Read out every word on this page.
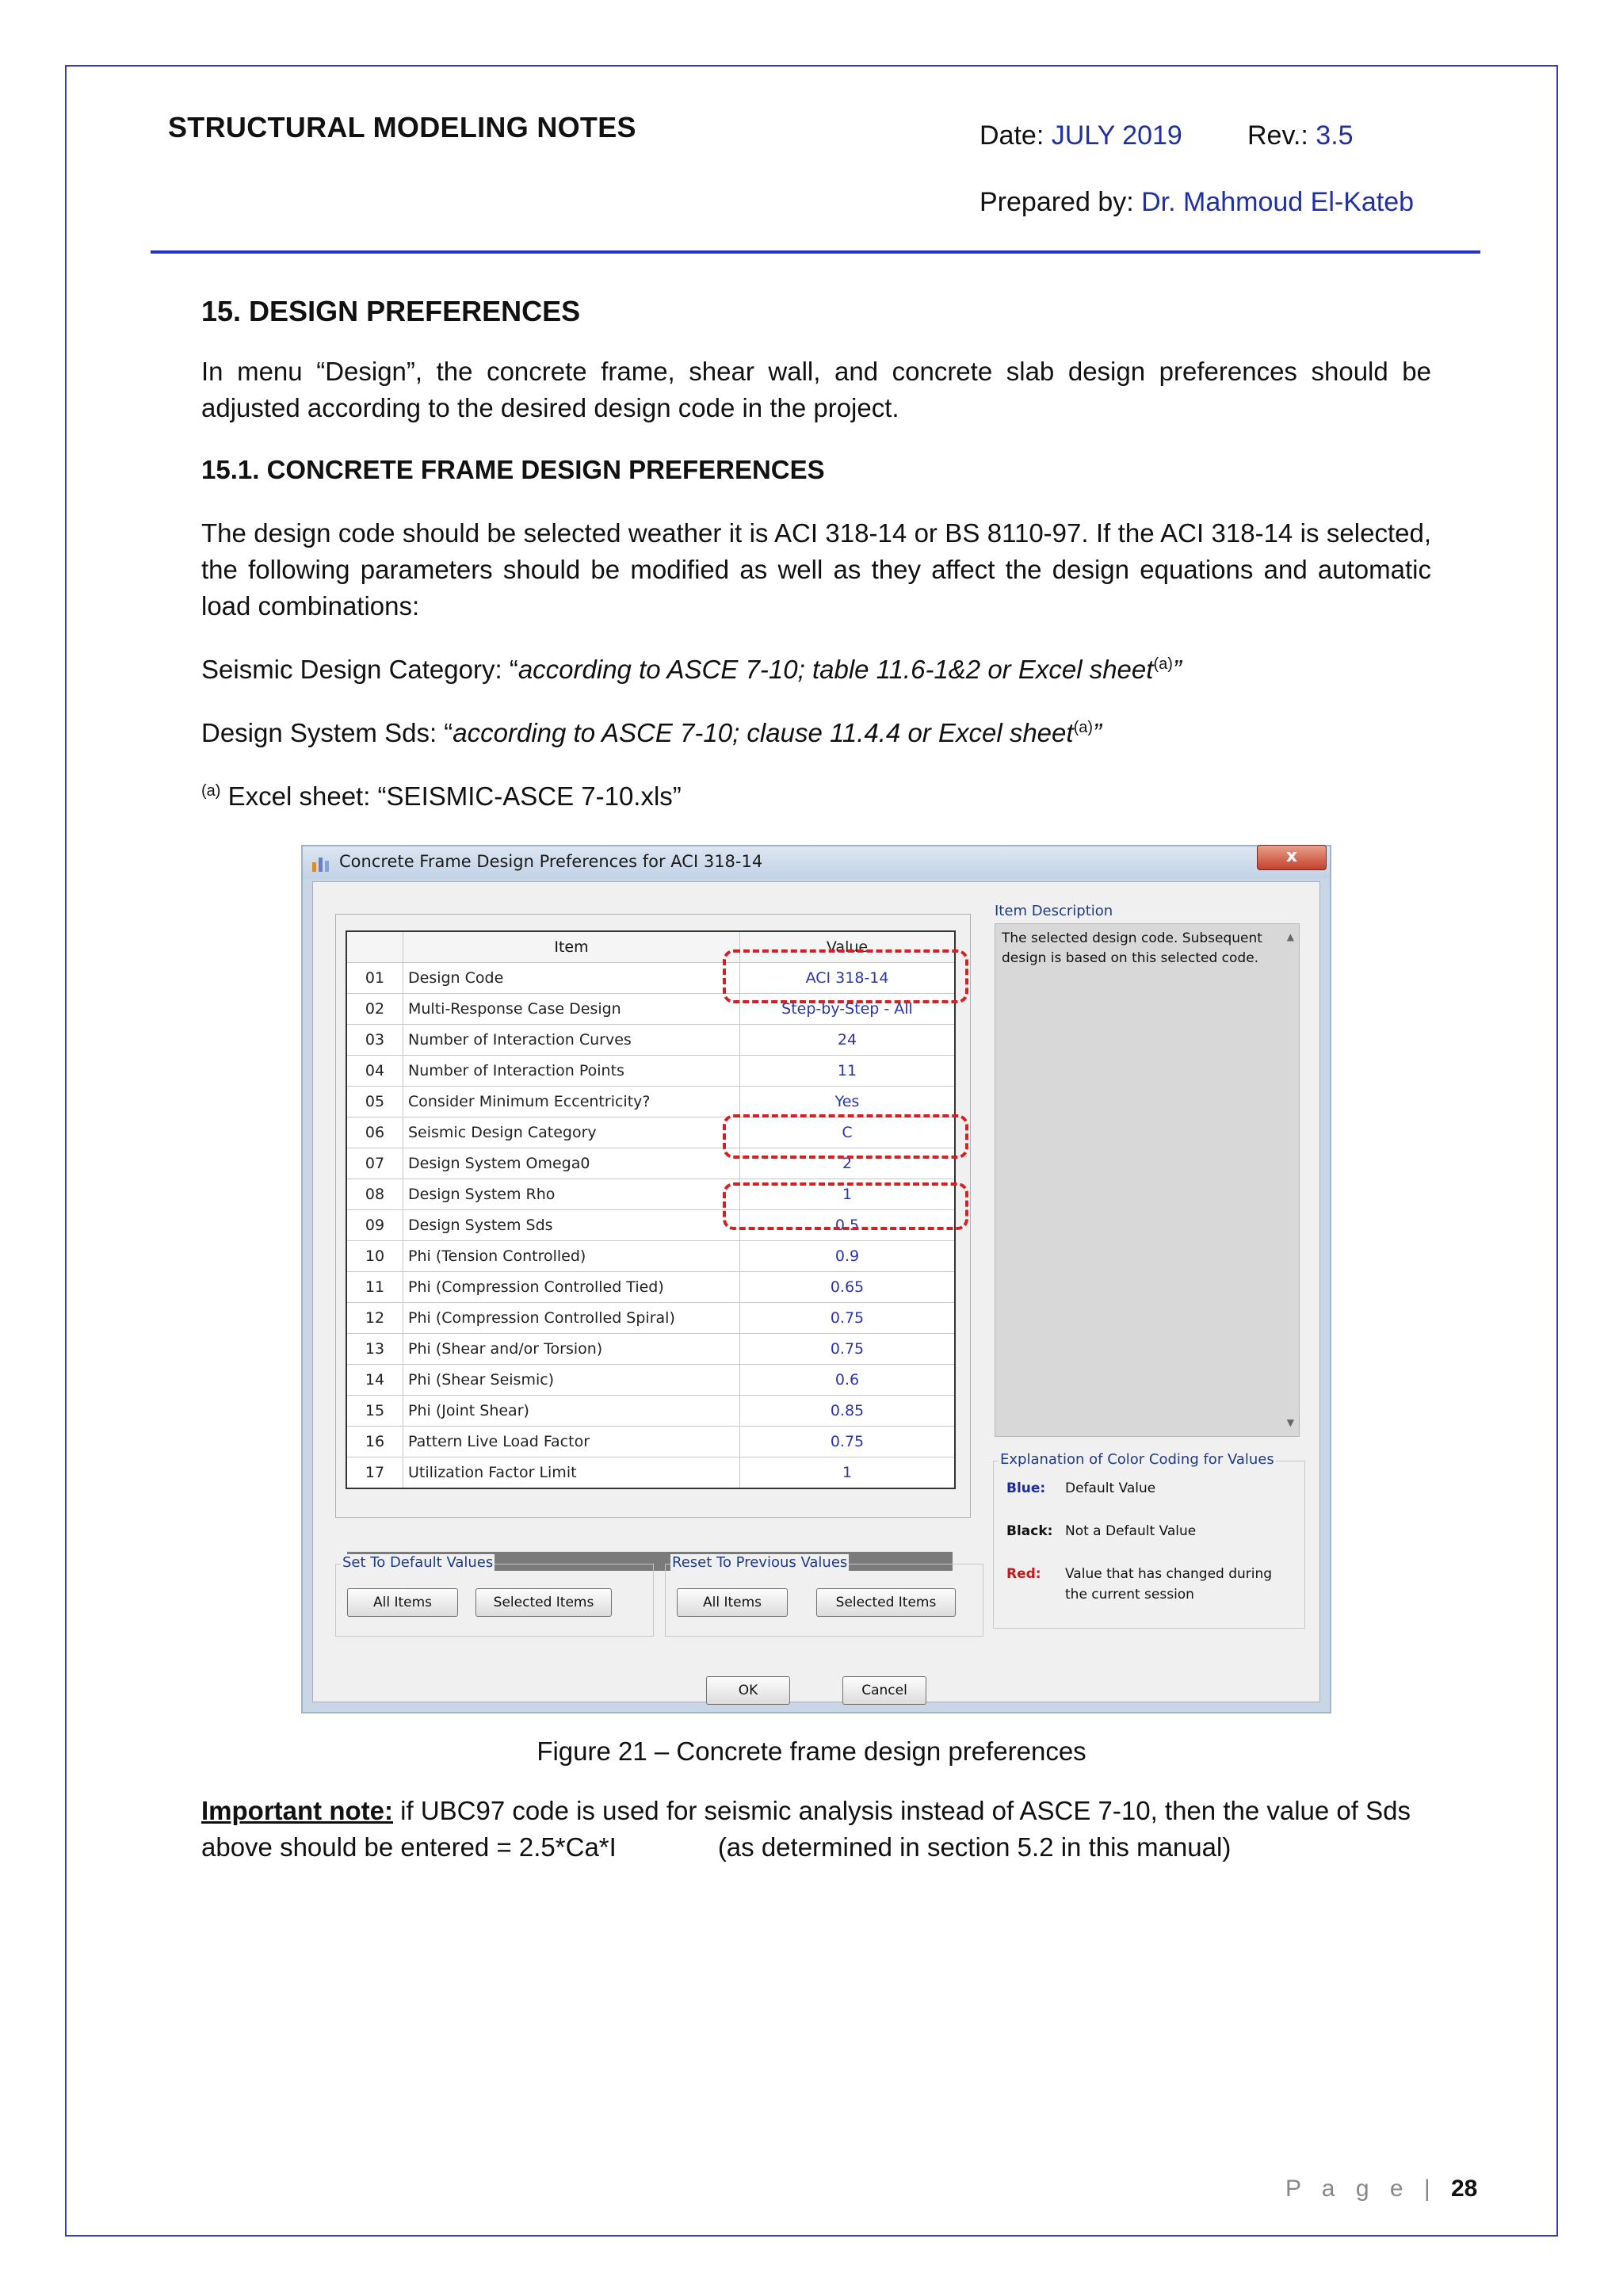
STRUCTURAL MODELING NOTES	Date: JULY 2019 Rev.: 3.5
Prepared by: Dr. Mahmoud El-Kateb
15. DESIGN PREFERENCES
In menu “Design”, the concrete frame, shear wall, and concrete slab design preferences should be adjusted according to the desired design code in the project.
15.1. CONCRETE FRAME DESIGN PREFERENCES
The design code should be selected weather it is ACI 318-14 or BS 8110-97. If the ACI 318-14 is selected, the following parameters should be modified as well as they affect the design equations and automatic load combinations:
Seismic Design Category: “according to ASCE 7-10; table 11.6-1&2 or Excel sheet$^{(a)}$”
Design System Sds: “according to ASCE 7-10; clause 11.4.4 or Excel sheet$^{(a)}$”
$^{(a)}$ Excel sheet: “SEISMIC-ASCE 7-10.xls”
Concrete Frame Design Preferences for ACI 318-14	x
	Item	Value
01	Design Code	ACI 318-14
02	Multi-Response Case Design	Step-by-Step - All
03	Number of Interaction Curves	24
04	Number of Interaction Points	11
05	Consider Minimum Eccentricity?	Yes
06	Seismic Design Category	C
07	Design System Omega0	2
08	Design System Rho	1
09	Design System Sds	0.5
10	Phi (Tension Controlled)	0.9
11	Phi (Compression Controlled Tied)	0.65
12	Phi (Compression Controlled Spiral)	0.75
13	Phi (Shear and/or Torsion)	0.75
14	Phi (Shear Seismic)	0.6
15	Phi (Joint Shear)	0.85
16	Pattern Live Load Factor	0.75
17	Utilization Factor Limit	1
Item Description
The selected design code. Subsequent design is based on this selected code.
▲
▼
Explanation of Color Coding for Values
Blue: Default Value
Black: Not a Default Value
Red: Value that has changed during
the current session
Set To Default Values
All Items	Selected Items
Reset To Previous Values
All Items	Selected Items
OK	Cancel
Figure 21 – Concrete frame design preferences
Important note: if UBC97 code is used for seismic analysis instead of ASCE 7-10, then the value of Sds above should be entered = 2.5*Ca*I	(as determined in section 5.2 in this manual)
P a g e | 28
